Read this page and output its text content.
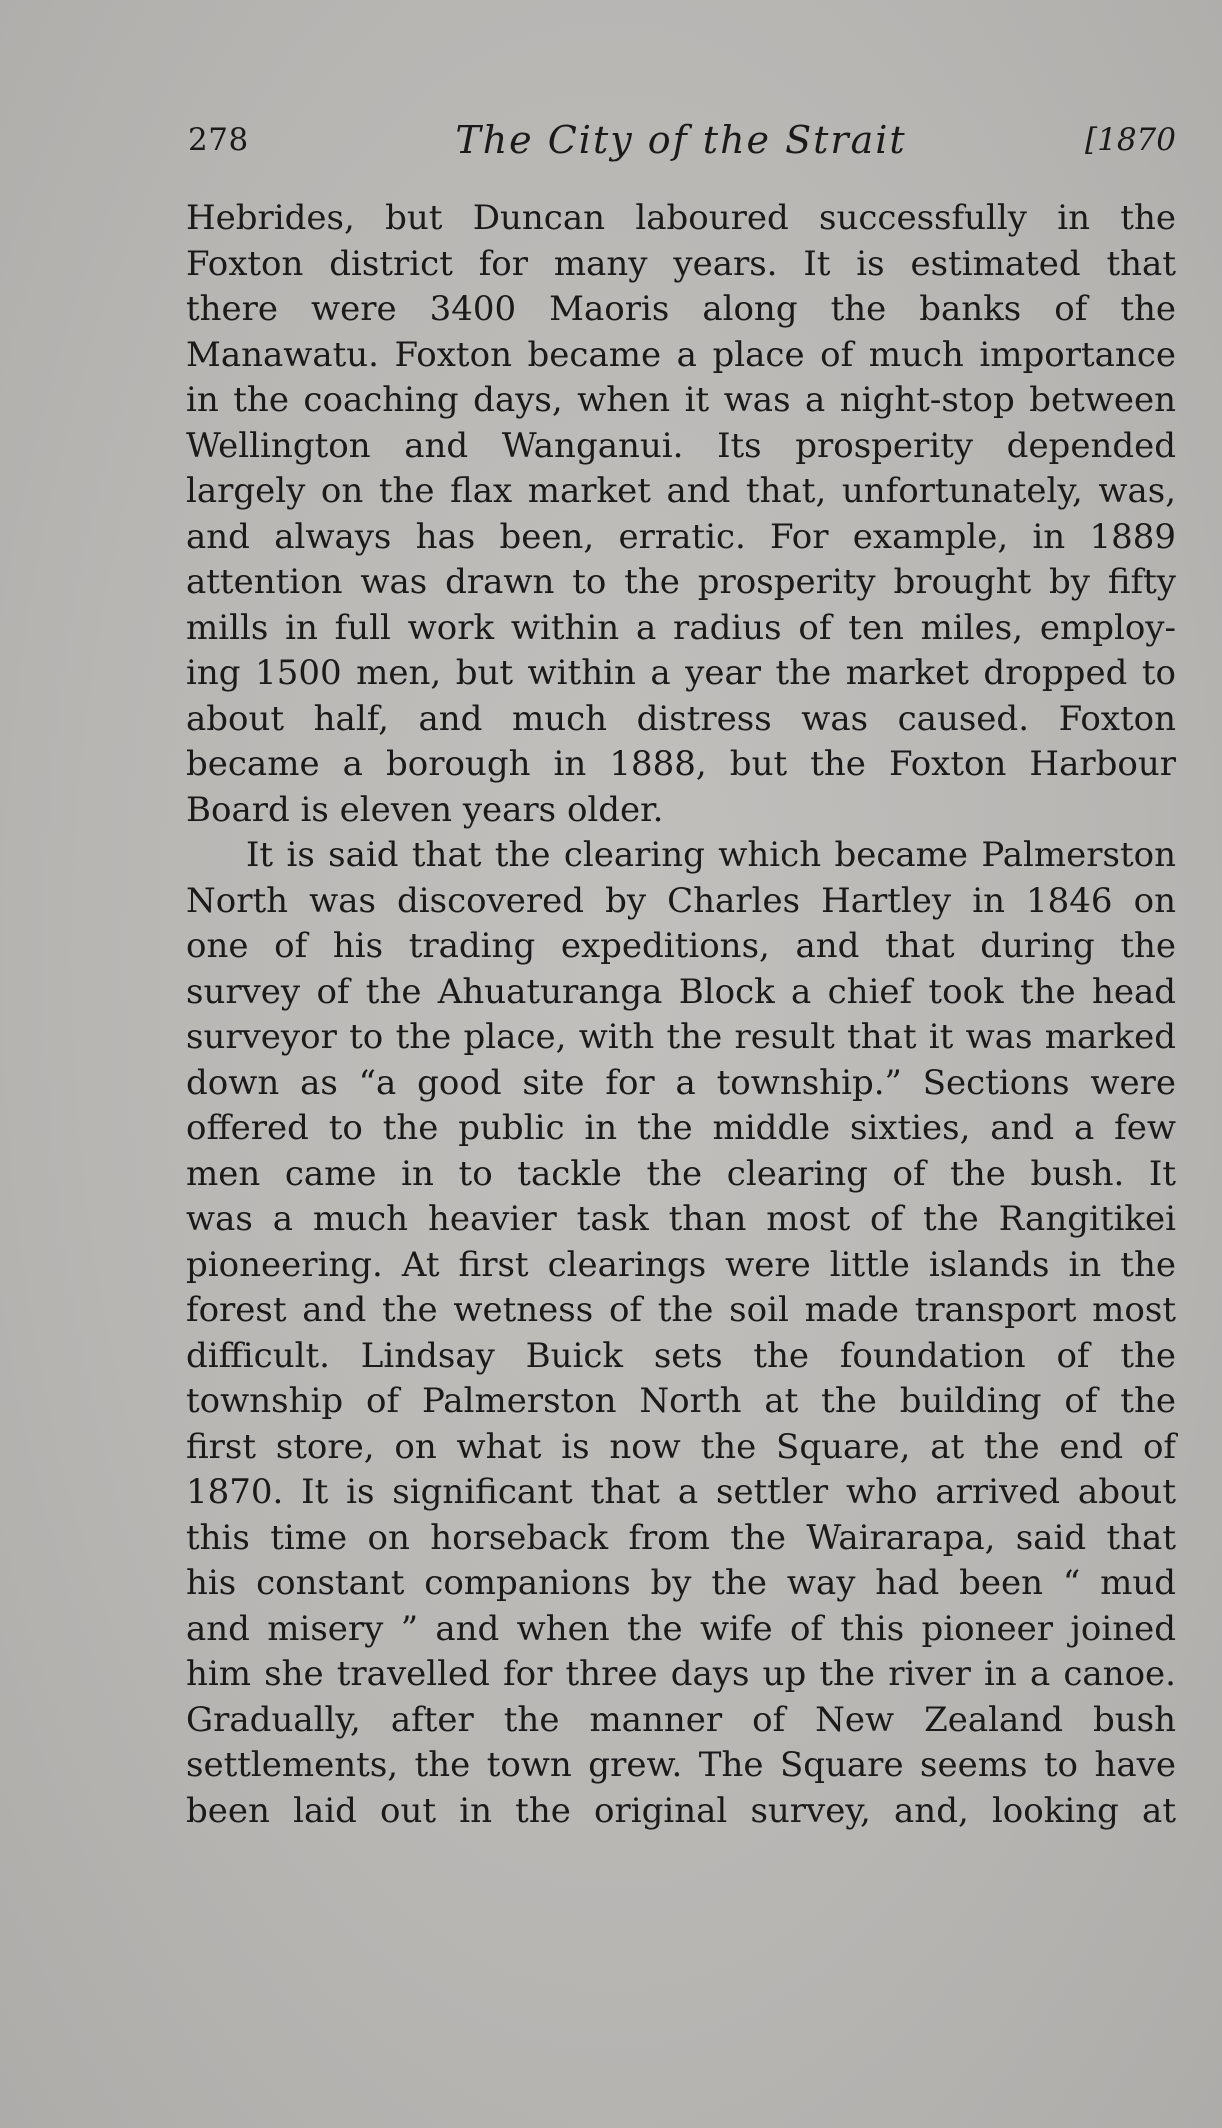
278	The City of the Strait	[1870
Hebrides, but Duncan laboured successfully in the
Foxton district for many years. It is estimated that
there were 3400 Maoris along the banks of the
Manawatu. Foxton became a place of much importance
in the coaching days, when it was a night-stop between
Wellington and Wanganui. Its prosperity depended
largely on the flax market and that, unfortunately, was,
and always has been, erratic. For example, in 1889
attention was drawn to the prosperity brought by fifty
mills in full work within a radius of ten miles, employ-
ing 1500 men, but within a year the market dropped to
about half, and much distress was caused. Foxton
became a borough in 1888, but the Foxton Harbour
Board is eleven years older.
It is said that the clearing which became Palmerston
North was discovered by Charles Hartley in 1846 on
one of his trading expeditions, and that during the
survey of the Ahuaturanga Block a chief took the head
surveyor to the place, with the result that it was marked
down as “a good site for a township.” Sections were
offered to the public in the middle sixties, and a few
men came in to tackle the clearing of the bush. It
was a much heavier task than most of the Rangitikei
pioneering. At first clearings were little islands in the
forest and the wetness of the soil made transport most
difficult. Lindsay Buick sets the foundation of the
township of Palmerston North at the building of the
first store, on what is now the Square, at the end of
1870. It is significant that a settler who arrived about
this time on horseback from the Wairarapa, said that
his constant companions by the way had been “ mud
and misery ” and when the wife of this pioneer joined
him she travelled for three days up the river in a canoe.
Gradually, after the manner of New Zealand bush
settlements, the town grew. The Square seems to have
been laid out in the original survey, and, looking at
